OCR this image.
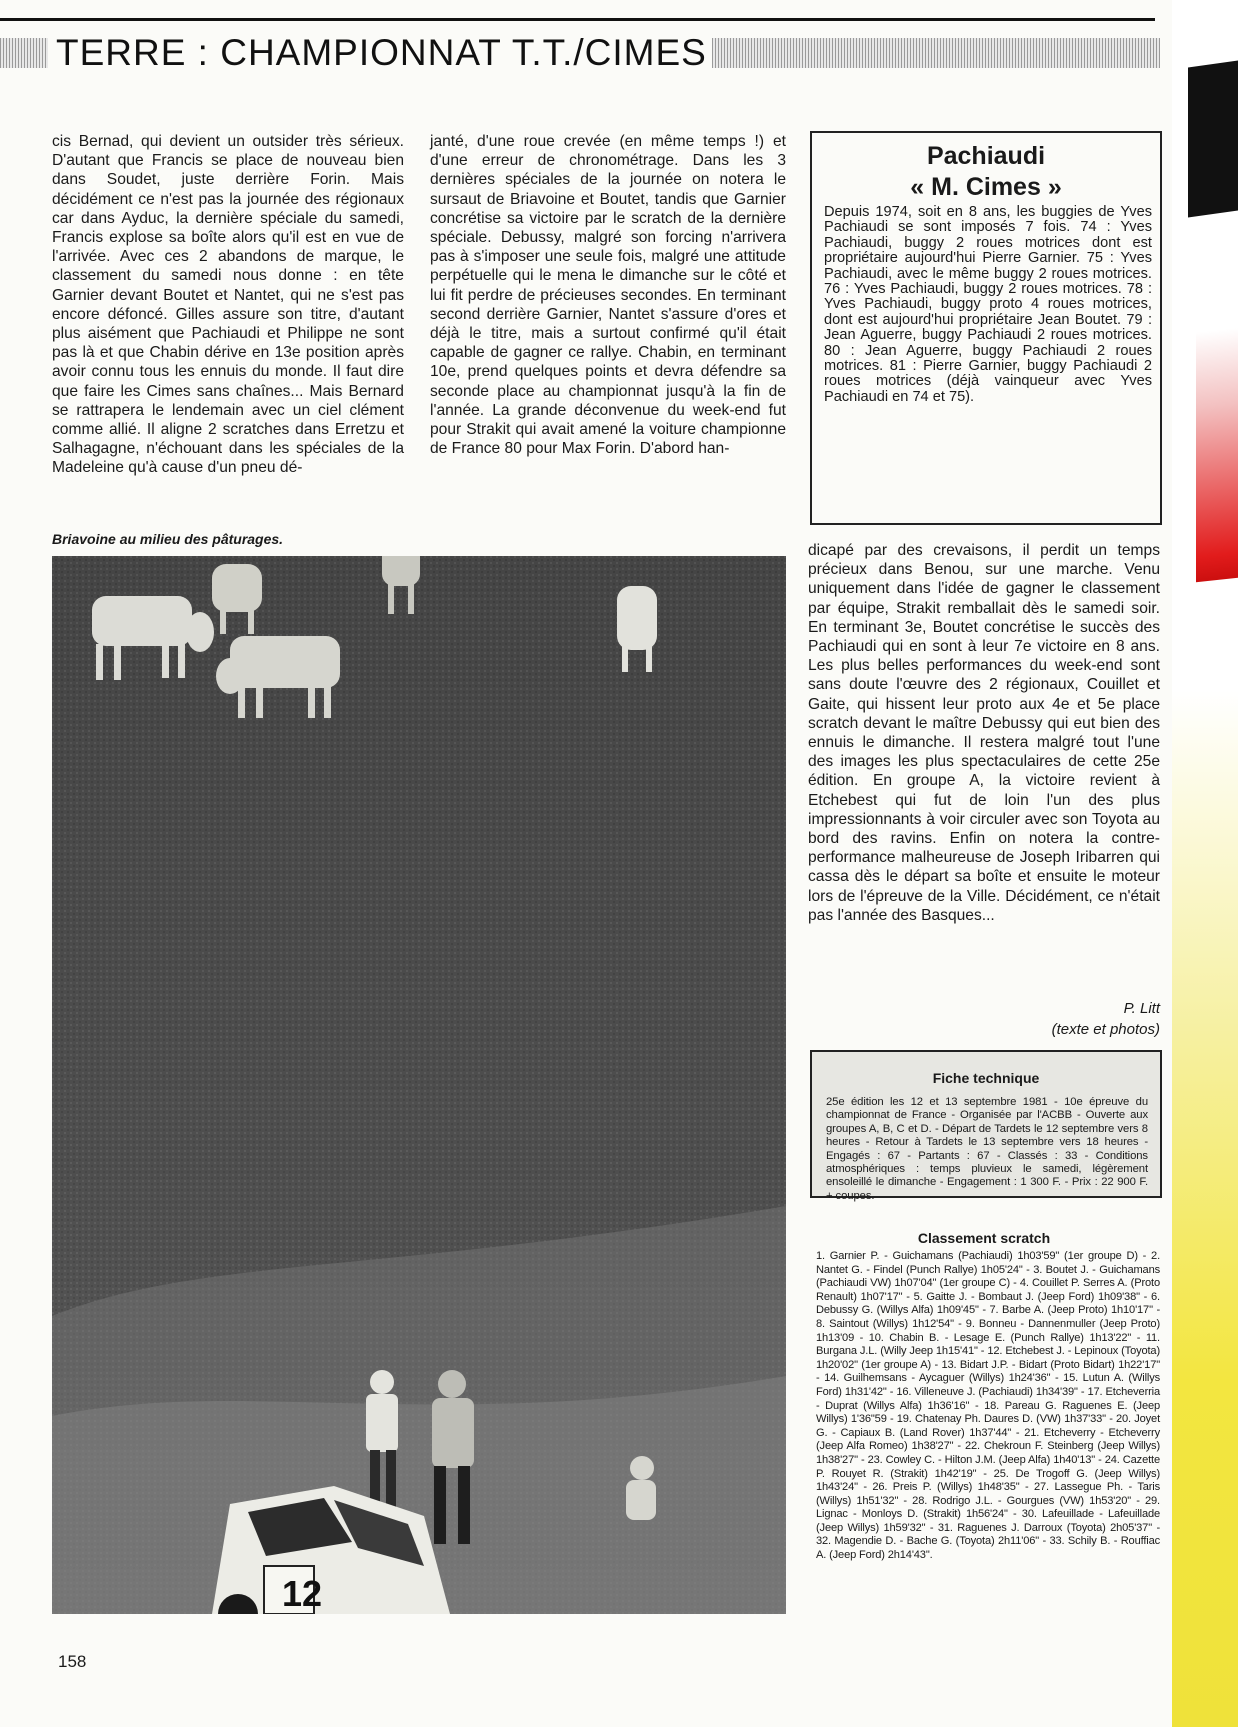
TERRE : CHAMPIONNAT T.T./CIMES
cis Bernad, qui devient un outsider très sérieux. D'autant que Francis se place de nouveau bien dans Soudet, juste derrière Forin. Mais décidément ce n'est pas la journée des régionaux car dans Ayduc, la dernière spéciale du samedi, Francis explose sa boîte alors qu'il est en vue de l'arrivée. Avec ces 2 abandons de marque, le classement du samedi nous donne : en tête Garnier devant Boutet et Nantet, qui ne s'est pas encore défoncé. Gilles assure son titre, d'autant plus aisément que Pachiaudi et Philippe ne sont pas là et que Chabin dérive en 13e position après avoir connu tous les ennuis du monde. Il faut dire que faire les Cimes sans chaînes... Mais Bernard se rattrapera le lendemain avec un ciel clément comme allié. Il aligne 2 scratches dans Erretzu et Salhagagne, n'échouant dans les spéciales de la Madeleine qu'à cause d'un pneu dé-
janté, d'une roue crevée (en même temps !) et d'une erreur de chronométrage. Dans les 3 dernières spéciales de la journée on notera le sursaut de Briavoine et Boutet, tandis que Garnier concrétise sa victoire par le scratch de la dernière spéciale. Debussy, malgré son forcing n'arrivera pas à s'imposer une seule fois, malgré une attitude perpétuelle qui le mena le dimanche sur le côté et lui fit perdre de précieuses secondes. En terminant second derrière Garnier, Nantet s'assure d'ores et déjà le titre, mais a surtout confirmé qu'il était capable de gagner ce rallye. Chabin, en terminant 10e, prend quelques points et devra défendre sa seconde place au championnat jusqu'à la fin de l'année. La grande déconvenue du week-end fut pour Strakit qui avait amené la voiture championne de France 80 pour Max Forin. D'abord han-
Pachiaudi
« M. Cimes »
Depuis 1974, soit en 8 ans, les buggies de Yves Pachiaudi se sont imposés 7 fois. 74 : Yves Pachiaudi, buggy 2 roues motrices dont est propriétaire aujourd'hui Pierre Garnier. 75 : Yves Pachiaudi, avec le même buggy 2 roues motrices. 76 : Yves Pachiaudi, buggy 2 roues motrices. 78 : Yves Pachiaudi, buggy proto 4 roues motrices, dont est aujourd'hui propriétaire Jean Boutet. 79 : Jean Aguerre, buggy Pachiaudi 2 roues motrices. 80 : Jean Aguerre, buggy Pachiaudi 2 roues motrices. 81 : Pierre Garnier, buggy Pachiaudi 2 roues motrices (déjà vainqueur avec Yves Pachiaudi en 74 et 75).
Briavoine au milieu des pâturages.
12
dicapé par des crevaisons, il perdit un temps précieux dans Benou, sur une marche. Venu uniquement dans l'idée de gagner le classement par équipe, Strakit remballait dès le samedi soir. En terminant 3e, Boutet concrétise le succès des Pachiaudi qui en sont à leur 7e victoire en 8 ans. Les plus belles performances du week-end sont sans doute l'œuvre des 2 régionaux, Couillet et Gaite, qui hissent leur proto aux 4e et 5e place scratch devant le maître Debussy qui eut bien des ennuis le dimanche. Il restera malgré tout l'une des images les plus spectaculaires de cette 25e édition. En groupe A, la victoire revient à Etchebest qui fut de loin l'un des plus impressionnants à voir circuler avec son Toyota au bord des ravins. Enfin on notera la contre-performance malheureuse de Joseph Iribarren qui cassa dès le départ sa boîte et ensuite le moteur lors de l'épreuve de la Ville. Décidément, ce n'était pas l'année des Basques...
P. Litt
(texte et photos)
Fiche technique
25e édition les 12 et 13 septembre 1981 - 10e épreuve du championnat de France - Organisée par l'ACBB - Ouverte aux groupes A, B, C et D. - Départ de Tardets le 12 septembre vers 8 heures - Retour à Tardets le 13 septembre vers 18 heures - Engagés : 67 - Partants : 67 - Classés : 33 - Conditions atmosphériques : temps pluvieux le samedi, légèrement ensoleillé le dimanche - Engagement : 1 300 F. - Prix : 22 900 F. + coupes.
Classement scratch
1. Garnier P. - Guichamans (Pachiaudi) 1h03'59" (1er groupe D) - 2. Nantet G. - Findel (Punch Rallye) 1h05'24" - 3. Boutet J. - Guichamans (Pachiaudi VW) 1h07'04" (1er groupe C) - 4. Couillet P. Serres A. (Proto Renault) 1h07'17" - 5. Gaitte J. - Bombaut J. (Jeep Ford) 1h09'38" - 6. Debussy G. (Willys Alfa) 1h09'45" - 7. Barbe A. (Jeep Proto) 1h10'17" - 8. Saintout (Willys) 1h12'54" - 9. Bonneu - Dannenmuller (Jeep Proto) 1h13'09 - 10. Chabin B. - Lesage E. (Punch Rallye) 1h13'22" - 11. Burgana J.L. (Willy Jeep 1h15'41" - 12. Etchebest J. - Lepinoux (Toyota) 1h20'02" (1er groupe A) - 13. Bidart J.P. - Bidart (Proto Bidart) 1h22'17" - 14. Guilhemsans - Aycaguer (Willys) 1h24'36" - 15. Lutun A. (Willys Ford) 1h31'42" - 16. Villeneuve J. (Pachiaudi) 1h34'39" - 17. Etcheverria - Duprat (Willys Alfa) 1h36'16" - 18. Pareau G. Raguenes E. (Jeep Willys) 1'36"59 - 19. Chatenay Ph. Daures D. (VW) 1h37'33" - 20. Joyet G. - Capiaux B. (Land Rover) 1h37'44" - 21. Etcheverry - Etcheverry (Jeep Alfa Romeo) 1h38'27" - 22. Chekroun F. Steinberg (Jeep Willys) 1h38'27" - 23. Cowley C. - Hilton J.M. (Jeep Alfa) 1h40'13" - 24. Cazette P. Rouyet R. (Strakit) 1h42'19" - 25. De Trogoff G. (Jeep Willys) 1h43'24" - 26. Preis P. (Willys) 1h48'35" - 27. Lassegue Ph. - Taris (Willys) 1h51'32" - 28. Rodrigo J.L. - Gourgues (VW) 1h53'20" - 29. Lignac - Monloys D. (Strakit) 1h56'24" - 30. Lafeuillade - Lafeuillade (Jeep Willys) 1h59'32" - 31. Raguenes J. Darroux (Toyota) 2h05'37" - 32. Magendie D. - Bache G. (Toyota) 2h11'06" - 33. Schily B. - Rouffiac A. (Jeep Ford) 2h14'43".
158
